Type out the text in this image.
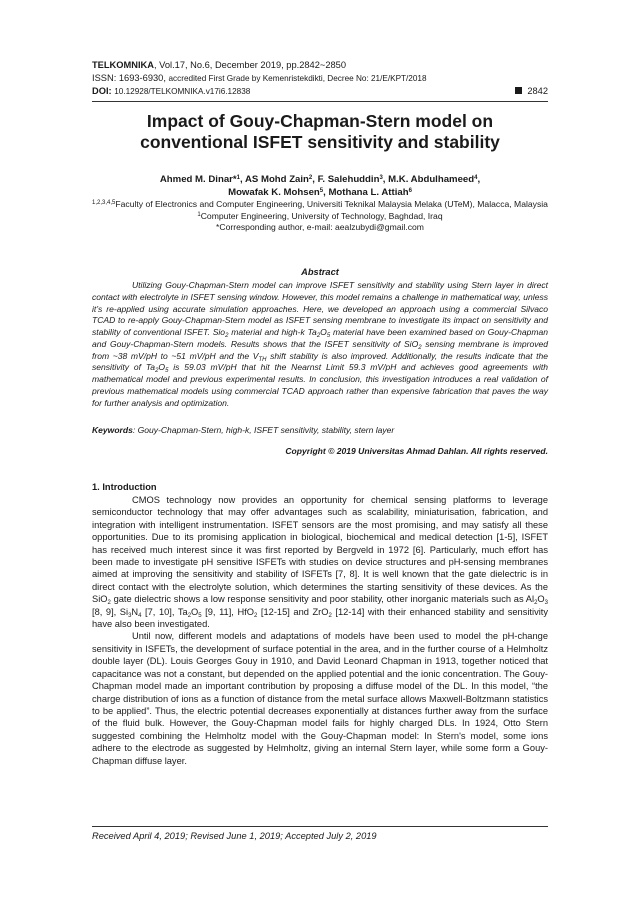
TELKOMNIKA, Vol.17, No.6, December 2019, pp.2842~2850
ISSN: 1693-6930, accredited First Grade by Kemenristekdikti, Decree No: 21/E/KPT/2018
DOI: 10.12928/TELKOMNIKA.v17i6.12838	2842
Impact of Gouy-Chapman-Stern model on conventional ISFET sensitivity and stability
Ahmed M. Dinar*$^1$, AS Mohd Zain$^2$, F. Salehuddin$^3$, M.K. Abdulhameed$^4$,
Mowafak K. Mohsen$^5$, Mothana L. Attiah$^6$
$^{1,2,3,4,5}$Faculty of Electronics and Computer Engineering, Universiti Teknikal Malaysia Melaka (UTeM), Malacca, Malaysia
$^1$Computer Engineering, University of Technology, Baghdad, Iraq
*Corresponding author, e-mail: aealzubydi@gmail.com
Abstract
Utilizing Gouy-Chapman-Stern model can improve ISFET sensitivity and stability using Stern layer in direct contact with electrolyte in ISFET sensing window. However, this model remains a challenge in mathematical way, unless it’s re-applied using accurate simulation approaches. Here, we developed an approach using a commercial Silvaco TCAD to re-apply Gouy-Chapman-Stern model as ISFET sensing membrane to investigate its impact on sensitivity and stability of conventional ISFET. Sio$_2$ material and high-k $Ta_2O_5$ material have been examined based on Gouy-Chapman and Gouy-Chapman-Stern models. Results shows that the ISFET sensitivity of SiO$_2$ sensing membrane is improved from ~38 mV/pH to ~51 mV/pH and the $V_{TH}$ shift stability is also improved. Additionally, the results indicate that the sensitivity of $Ta_2O_5$ is 59.03 mV/pH that hit the Nearnst Limit 59.3 mV/pH and achieves good agreements with mathematical model and previous experimental results. In conclusion, this investigation introduces a real validation of previous mathematical models using commercial TCAD approach rather than expensive fabrication that paves the way for further analysis and optimization.
Keywords: Gouy-Chapman-Stern, high-k, ISFET sensitivity, stability, stern layer
Copyright © 2019 Universitas Ahmad Dahlan. All rights reserved.
1. Introduction

CMOS technology now provides an opportunity for chemical sensing platforms to leverage semiconductor technology that may offer advantages such as scalability, miniaturisation, fabrication, and integration with intelligent instrumentation. ISFET sensors are the most promising, and may satisfy all these opportunities. Due to its promising application in biological, biochemical and medical detection [1-5], ISFET has received much interest since it was first reported by Bergveld in 1972 [6]. Particularly, much effort has been made to investigate pH sensitive ISFETs with studies on device structures and pH-sensing membranes aimed at improving the sensitivity and stability of ISFETs [7, 8]. It is well known that the gate dielectric is in direct contact with the electrolyte solution, which determines the starting sensitivity of these devices. As the SiO$_2$ gate dielectric shows a low response sensitivity and poor stability, other inorganic materials such as $Al_2O_3$ [8, 9], $Si_3N_4$ [7, 10], $Ta_2O_5$ [9, 11], HfO$_2$ [12-15] and ZrO$_2$ [12-14] with their enhanced stability and sensitivity have also been investigated.

Until now, different models and adaptations of models have been used to model the pH-change sensitivity in ISFETs, the development of surface potential in the area, and in the further course of a Helmholtz double layer (DL). Louis Georges Gouy in 1910, and David Leonard Chapman in 1913, together noticed that capacitance was not a constant, but depended on the applied potential and the ionic concentration. The Gouy-Chapman model made an important contribution by proposing a diffuse model of the DL. In this model, “the charge distribution of ions as a function of distance from the metal surface allows Maxwell-Boltzmann statistics to be applied”. Thus, the electric potential decreases exponentially at distances further away from the surface of the fluid bulk. However, the Gouy-Chapman model fails for highly charged DLs. In 1924, Otto Stern suggested combining the Helmholtz model with the Gouy-Chapman model: In Stern's model, some ions adhere to the electrode as suggested by Helmholtz, giving an internal Stern layer, while some form a Gouy-Chapman diffuse layer.

Received April 4, 2019; Revised June 1, 2019; Accepted July 2, 2019
